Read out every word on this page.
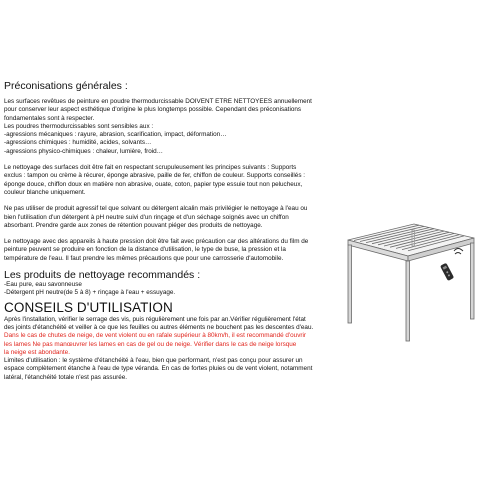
Préconisations générales :
Les surfaces revêtues de peinture en poudre thermodurcissable DOIVENT ETRE NETTOYEES annuellement
pour conserver leur aspect esthétique d'origine le plus longtemps possible. Cependant des préconisations
fondamentales sont à respecter.
Les poudres thermodurcissables sont sensibles aux :
-agressions mécaniques : rayure, abrasion, scarification, impact, déformation…
-agressions chimiques : humidité, acides, solvants…
-agressions physico-chimiques : chaleur, lumière, froid…
Le nettoyage des surfaces doit être fait en respectant scrupuleusement les principes suivants : Supports
exclus : tampon ou crème à récurer, éponge abrasive, paille de fer, chiffon de couleur. Supports conseillés :
éponge douce, chiffon doux en matière non abrasive, ouate, coton, papier type essuie tout non pelucheux,
couleur blanche uniquement.
Ne pas utiliser de produit agressif tel que solvant ou détergent alcalin mais privilégier le nettoyage à l'eau ou
bien l'utilisation d'un détergent à pH neutre suivi d'un rinçage et d'un séchage soignés avec un chiffon
absorbant. Prendre garde aux zones de rétention pouvant piéger des produits de nettoyage.
Le nettoyage avec des appareils à haute pression doit être fait avec précaution car des altérations du film de
peinture peuvent se produire en fonction de la distance d'utilisation, le type de buse, la pression et la
température de l'eau. Il faut prendre les mêmes précautions que pour une carrosserie d'automobile.
Les produits de nettoyage recommandés :
-Eau pure, eau savonneuse
-Détergent pH neutre(de 5 à 8) + rinçage à l'eau + essuyage.
CONSEILS D'UTILISATION
Après l'installation, vérifier le serrage des vis, puis régulièrement une fois par an.Vérifier régulièrement l'état
des joints d'étanchéité et veiller à ce que les feuilles ou autres éléments ne bouchent pas les descentes d'eau.
Dans le cas de chutes de neige, de vent violent ou en rafale supérieur à 80km/h, il est recommandé d'ouvrir
les lames Ne pas manœuvrer les lames en cas de gel ou de neige. Vérifier dans le cas de neige lorsque
la neige est abondante.
Limites d'utilisation : le système d'étanchéité à l'eau, bien que performant, n'est pas conçu pour assurer un
espace complètement étanche à l'eau de type véranda. En cas de fortes pluies ou de vent violent, notamment
latéral, l'étanchéité totale n'est pas assurée.
